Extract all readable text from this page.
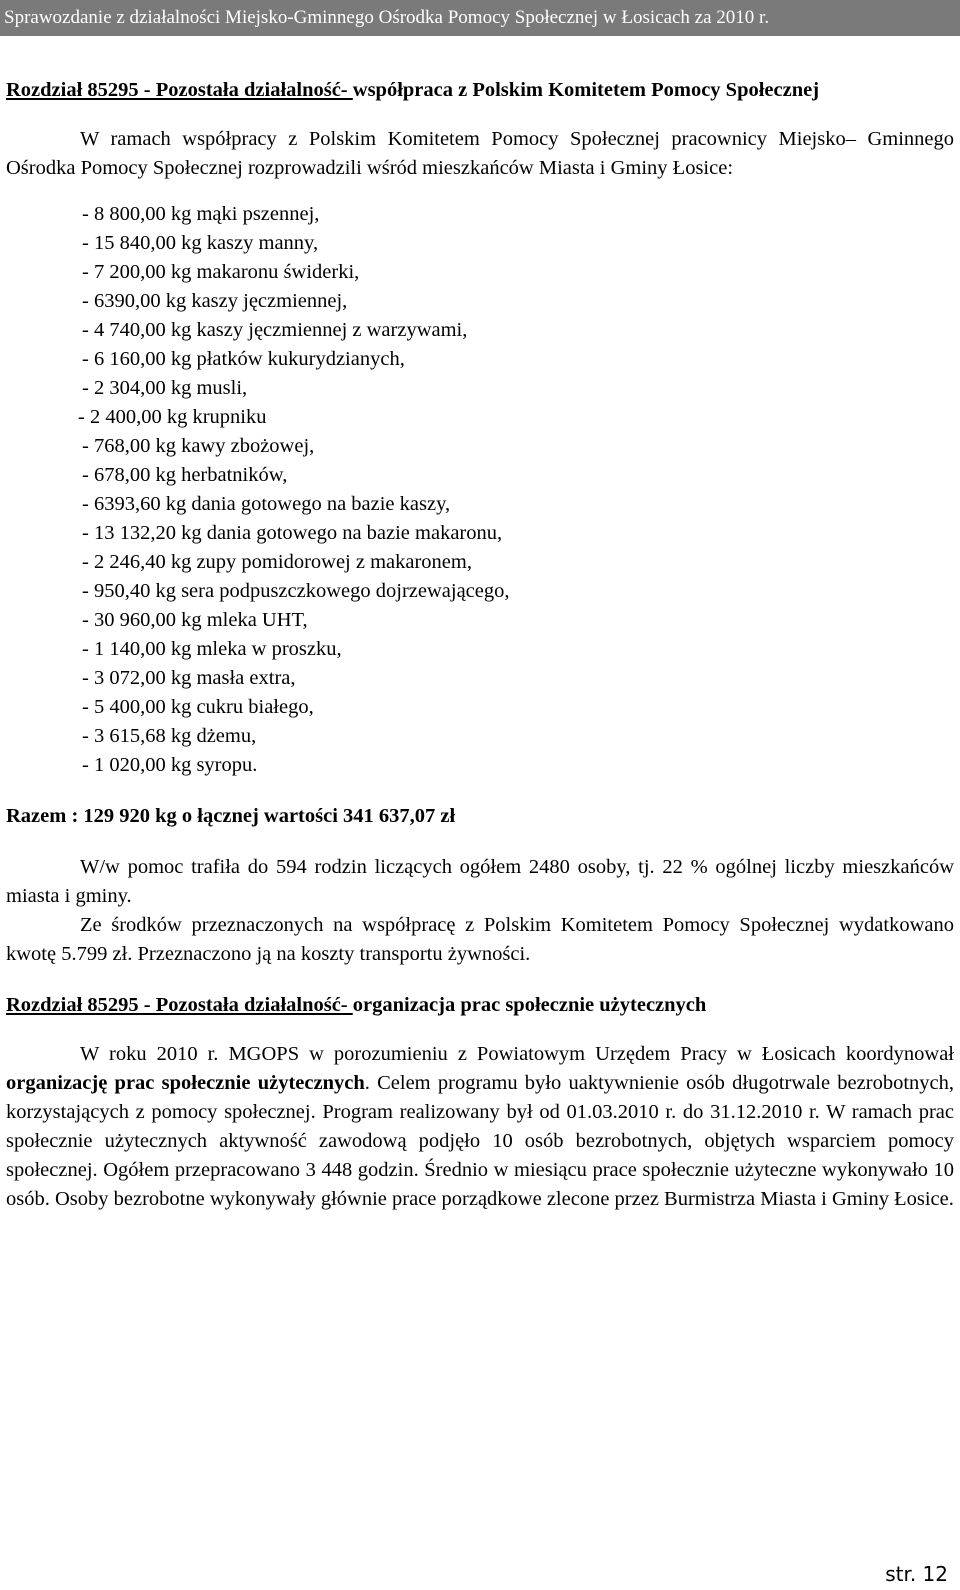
Sprawozdanie z działalności Miejsko-Gminnego Ośrodka Pomocy Społecznej w Łosicach za 2010 r.

Rozdział 85295 - Pozostała działalność- współpraca z Polskim Komitetem Pomocy Społecznej

W ramach współpracy z Polskim Komitetem Pomocy Społecznej pracownicy Miejsko– Gminnego Ośrodka Pomocy Społecznej rozprowadzili wśród mieszkańców Miasta i Gminy Łosice:

- 8 800,00 kg mąki pszennej,
- 15 840,00 kg kaszy manny,
- 7 200,00 kg makaronu świderki,
- 6390,00 kg kaszy jęczmiennej,
- 4 740,00 kg kaszy jęczmiennej z warzywami,
- 6 160,00 kg płatków kukurydzianych,
- 2 304,00 kg musli,
- 2 400,00 kg krupniku
- 768,00 kg kawy zbożowej,
- 678,00 kg herbatników,
- 6393,60 kg dania gotowego na bazie kaszy,
- 13 132,20 kg dania gotowego na bazie makaronu,
- 2 246,40 kg zupy pomidorowej z makaronem,
- 950,40 kg sera podpuszczkowego dojrzewającego,
- 30 960,00 kg mleka UHT,
- 1 140,00 kg mleka w proszku,
- 3 072,00 kg masła extra,
- 5 400,00 kg cukru białego,
- 3 615,68 kg dżemu,
- 1 020,00 kg syropu.

Razem : 129 920 kg o łącznej wartości 341 637,07 zł

W/w pomoc trafiła do 594 rodzin liczących ogółem 2480 osoby, tj. 22 % ogólnej liczby mieszkańców miasta i gminy.

Ze środków przeznaczonych na współpracę z Polskim Komitetem Pomocy Społecznej wydatkowano kwotę 5.799 zł. Przeznaczono ją na koszty transportu żywności.

Rozdział 85295 - Pozostała działalność- organizacja prac społecznie użytecznych

W roku 2010 r. MGOPS w porozumieniu z Powiatowym Urzędem Pracy w Łosicach koordynował organizację prac społecznie użytecznych. Celem programu było uaktywnienie osób długotrwale bezrobotnych, korzystających z pomocy społecznej. Program realizowany był od 01.03.2010 r. do 31.12.2010 r. W ramach prac społecznie użytecznych aktywność zawodową podjęło 10 osób bezrobotnych, objętych wsparciem pomocy społecznej. Ogółem przepracowano 3 448 godzin. Średnio w miesiącu prace społecznie użyteczne wykonywało 10 osób. Osoby bezrobotne wykonywały głównie prace porządkowe zlecone przez Burmistrza Miasta i Gminy Łosice.

str. 12
